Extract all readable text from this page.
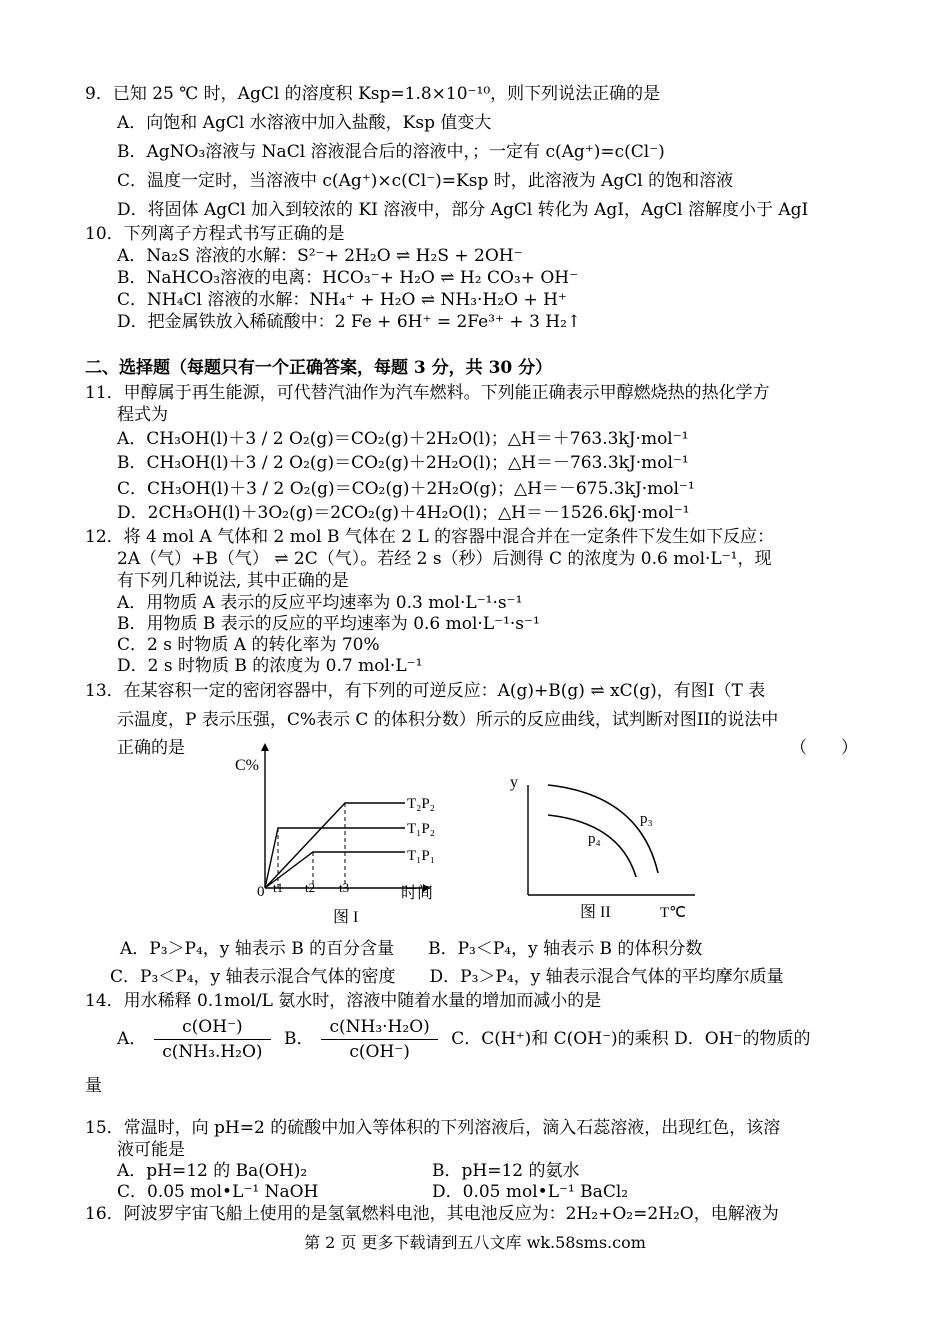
9．已知 25 ℃ 时，AgCl 的溶度积 Ksp=1.8×10⁻¹⁰，则下列说法正确的是
A．向饱和 AgCl 水溶液中加入盐酸，Ksp 值变大
B．AgNO₃溶液与 NaCl 溶液混合后的溶液中，；一定有 c(Ag⁺)=c(Cl⁻)
C．温度一定时，当溶液中 c(Ag⁺)×c(Cl⁻)=Ksp 时，此溶液为 AgCl 的饱和溶液
D．将固体 AgCl 加入到较浓的 KI 溶液中，部分 AgCl 转化为 AgI，AgCl 溶解度小于 AgI
10．下列离子方程式书写正确的是
A．Na₂S 溶液的水解：S²⁻+ 2H₂O ⇌ H₂S + 2OH⁻
B．NaHCO₃溶液的电离：HCO₃⁻+ H₂O ⇌ H₂ CO₃+ OH⁻
C．NH₄Cl 溶液的水解：NH₄⁺ + H₂O ⇌ NH₃·H₂O + H⁺
D．把金属铁放入稀硫酸中：2 Fe + 6H⁺ = 2Fe³⁺ + 3 H₂↑
二、选择题（每题只有一个正确答案，每题 3 分，共 30 分）
11．甲醇属于再生能源，可代替汽油作为汽车燃料。下列能正确表示甲醇燃烧热的热化学方
程式为
A．CH₃OH(l)＋3 / 2 O₂(g)＝CO₂(g)＋2H₂O(l)；△H＝＋763.3kJ·mol⁻¹
B．CH₃OH(l)＋3 / 2 O₂(g)＝CO₂(g)＋2H₂O(l)；△H＝－763.3kJ·mol⁻¹
C．CH₃OH(l)＋3 / 2 O₂(g)＝CO₂(g)＋2H₂O(g)；△H＝－675.3kJ·mol⁻¹
D．2CH₃OH(l)＋3O₂(g)＝2CO₂(g)＋4H₂O(l)；△H＝－1526.6kJ·mol⁻¹
12．将 4 mol A 气体和 2 mol B 气体在 2 L 的容器中混合并在一定条件下发生如下反应：
2A（气）+B（气） ⇌ 2C（气）。若经 2 s（秒）后测得 C 的浓度为 0.6 mol·L⁻¹，现
有下列几种说法, 其中正确的是
A．用物质 A 表示的反应平均速率为 0.3 mol·L⁻¹·s⁻¹
B．用物质 B 表示的反应的平均速率为 0.6 mol·L⁻¹·s⁻¹
C．2 s 时物质 A 的转化率为 70%
D．2 s 时物质 B 的浓度为 0.7 mol·L⁻¹
13．在某容积一定的密闭容器中，有下列的可逆反应：A(g)+B(g) ⇌ xC(g)，有图I（T 表
示温度，P 表示压强，C%表示 C 的体积分数）所示的反应曲线，试判断对图II的说法中
正确的是	（　　）
C%
0 t1 t2 t3	时间
T₂P₂
T₁P₂
T₁P₁
图 I
y
p₃
p₄
图 II	T℃
A．P₃＞P₄，y 轴表示 B 的百分含量　　B．P₃＜P₄，y 轴表示 B 的体积分数
C．P₃＜P₄，y 轴表示混合气体的密度　　D．P₃＞P₄，y 轴表示混合气体的平均摩尔质量
14．用水稀释 0.1mol/L 氨水时，溶液中随着水量的增加而减小的是
A． $\frac{c(OH^-)}{\text{c(NH₃.H₂O)}}$ B． $\frac{\text{c(NH₃·H₂O)}}{c(OH^-)}$ C．C(H⁺)和 C(OH⁻)的乘积 D．OH⁻的物质的
量
15．常温时，向 pH=2 的硫酸中加入等体积的下列溶液后，滴入石蕊溶液，出现红色，该溶
液可能是
A．pH=12 的 Ba(OH)₂	B．pH=12 的氨水
C．0.05 mol•L⁻¹ NaOH	D．0.05 mol•L⁻¹ BaCl₂
16．阿波罗宇宙飞船上使用的是氢氧燃料电池，其电池反应为：2H₂+O₂=2H₂O，电解液为
第 2 页 更多下载请到五八文库 wk.58sms.com
